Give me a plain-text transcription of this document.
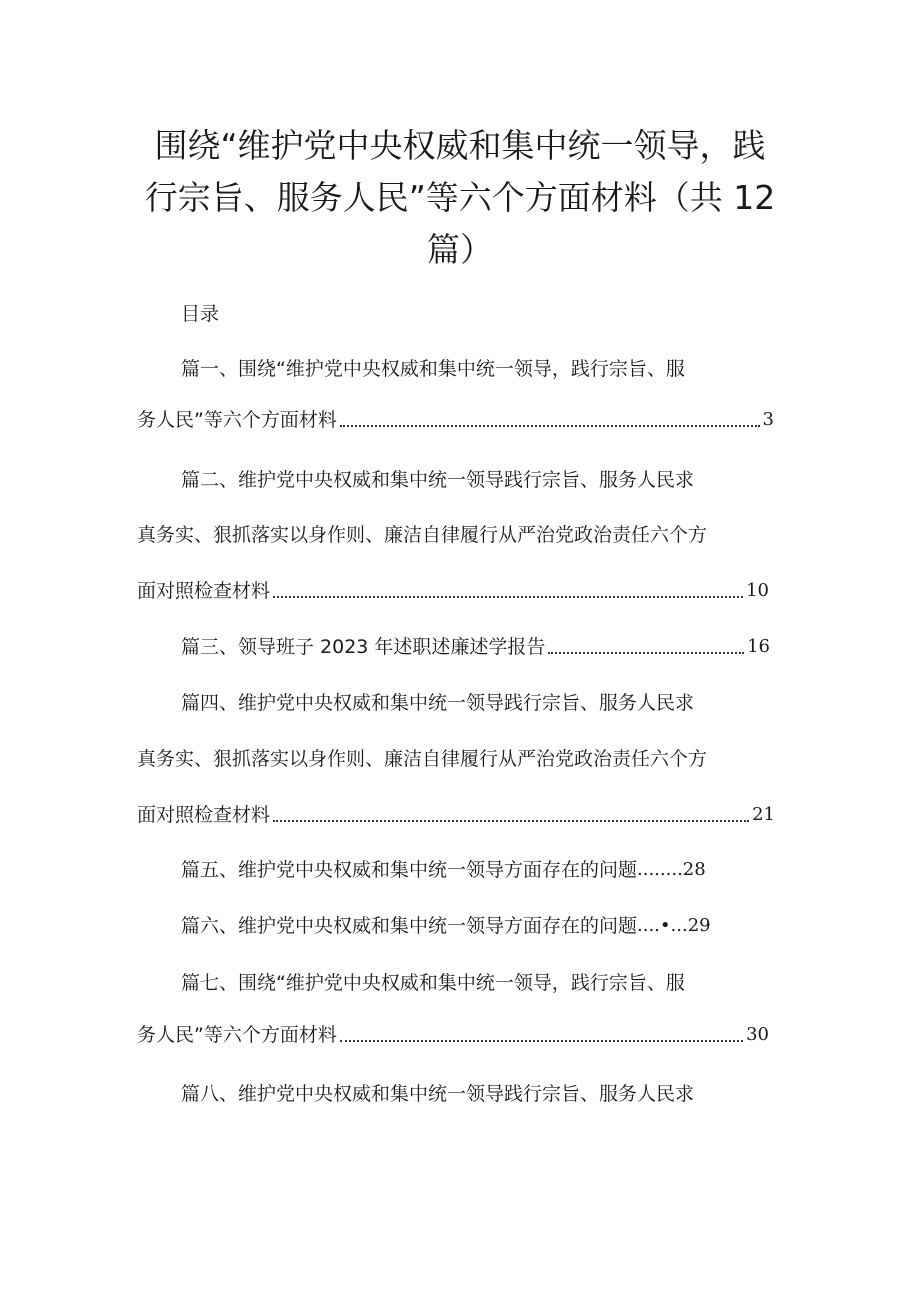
围绕“维护党中央权威和集中统一领导，践
行宗旨、服务人民”等六个方面材料（共 12
篇）
目录
篇一、围绕“维护党中央权威和集中统一领导，践行宗旨、服
务人民”等六个方面材料	3
篇二、维护党中央权威和集中统一领导践行宗旨、服务人民求
真务实、狠抓落实以身作则、廉洁自律履行从严治党政治责任六个方
面对照检查材料	10
篇三、领导班子 2023 年述职述廉述学报告	16
篇四、维护党中央权威和集中统一领导践行宗旨、服务人民求
真务实、狠抓落实以身作则、廉洁自律履行从严治党政治责任六个方
面对照检查材料	21
篇五、维护党中央权威和集中统一领导方面存在的问题 ........ 28
篇六、维护党中央权威和集中统一领导方面存在的问题 ....•... 29
篇七、围绕“维护党中央权威和集中统一领导，践行宗旨、服
务人民”等六个方面材料	30
篇八、维护党中央权威和集中统一领导践行宗旨、服务人民求
